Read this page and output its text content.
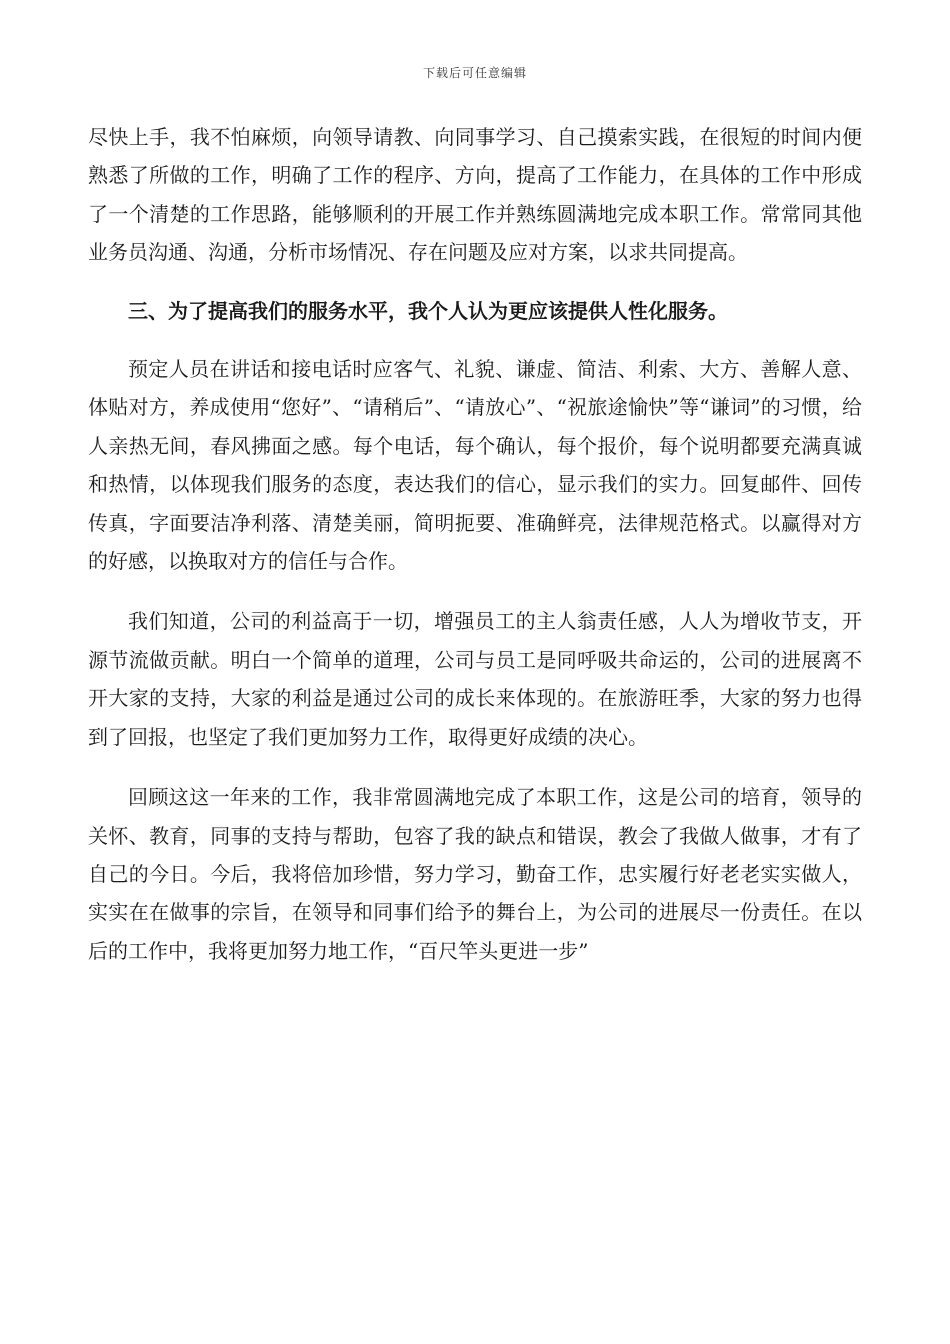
下载后可任意编辑

尽快上手，我不怕麻烦，向领导请教、向同事学习、自己摸索实践，在很短的时间内便熟悉了所做的工作，明确了工作的程序、方向，提高了工作能力，在具体的工作中形成了一个清楚的工作思路，能够顺利的开展工作并熟练圆满地完成本职工作。常常同其他业务员沟通、沟通，分析市场情况、存在问题及应对方案，以求共同提高。

三、为了提高我们的服务水平，我个人认为更应该提供人性化服务。

预定人员在讲话和接电话时应客气、礼貌、谦虚、简洁、利索、大方、善解人意、体贴对方，养成使用“您好”、“请稍后”、“请放心”、“祝旅途愉快”等“谦词”的习惯，给人亲热无间，春风拂面之感。每个电话，每个确认，每个报价，每个说明都要充满真诚和热情，以体现我们服务的态度，表达我们的信心，显示我们的实力。回复邮件、回传传真，字面要洁净利落、清楚美丽，简明扼要、准确鲜亮，法律规范格式。以赢得对方的好感，以换取对方的信任与合作。

我们知道，公司的利益高于一切，增强员工的主人翁责任感，人人为增收节支，开源节流做贡献。明白一个简单的道理，公司与员工是同呼吸共命运的，公司的进展离不开大家的支持，大家的利益是通过公司的成长来体现的。在旅游旺季，大家的努力也得到了回报，也坚定了我们更加努力工作，取得更好成绩的决心。

回顾这这一年来的工作，我非常圆满地完成了本职工作，这是公司的培育，领导的关怀、教育，同事的支持与帮助，包容了我的缺点和错误，教会了我做人做事，才有了自己的今日。今后，我将倍加珍惜，努力学习，勤奋工作，忠实履行好老老实实做人，实实在在做事的宗旨，在领导和同事们给予的舞台上，为公司的进展尽一份责任。在以后的工作中，我将更加努力地工作，“百尺竿头更进一步”
